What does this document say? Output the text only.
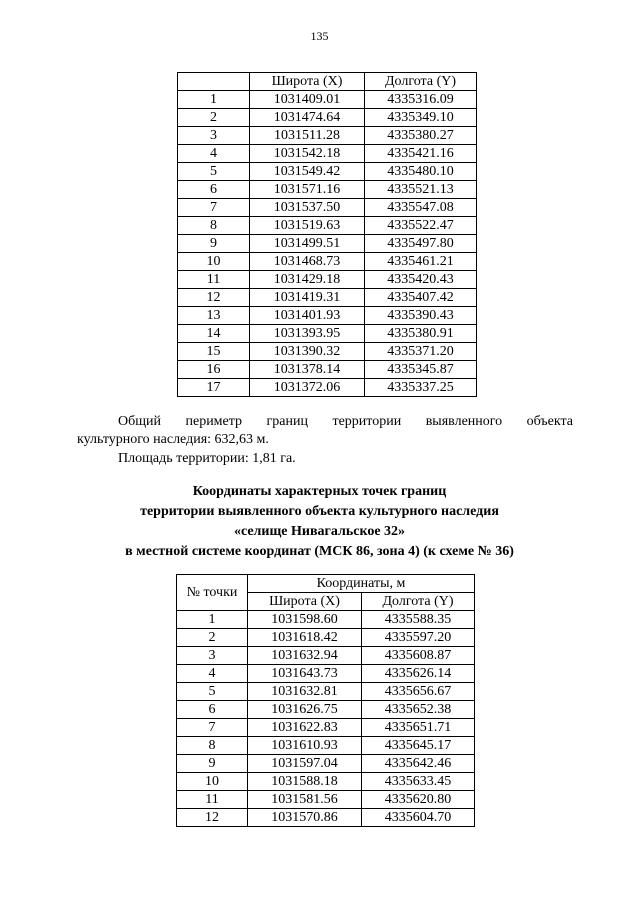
135
	Широта (X)	Долгота (Y)
1	1031409.01	4335316.09
2	1031474.64	4335349.10
3	1031511.28	4335380.27
4	1031542.18	4335421.16
5	1031549.42	4335480.10
6	1031571.16	4335521.13
7	1031537.50	4335547.08
8	1031519.63	4335522.47
9	1031499.51	4335497.80
10	1031468.73	4335461.21
11	1031429.18	4335420.43
12	1031419.31	4335407.42
13	1031401.93	4335390.43
14	1031393.95	4335380.91
15	1031390.32	4335371.20
16	1031378.14	4335345.87
17	1031372.06	4335337.25
Общий периметр границ территории выявленного объекта
культурного наследия: 632,63 м.
Площадь территории: 1,81 га.
Координаты характерных точек границ
территории выявленного объекта культурного наследия
«селище Нивагальское 32»
в местной системе координат (МСК 86, зона 4) (к схеме № 36)
№ точки	Координаты, м	
	Широта (X)	Долгота (Y)
1	1031598.60	4335588.35
2	1031618.42	4335597.20
3	1031632.94	4335608.87
4	1031643.73	4335626.14
5	1031632.81	4335656.67
6	1031626.75	4335652.38
7	1031622.83	4335651.71
8	1031610.93	4335645.17
9	1031597.04	4335642.46
10	1031588.18	4335633.45
11	1031581.56	4335620.80
12	1031570.86	4335604.70
